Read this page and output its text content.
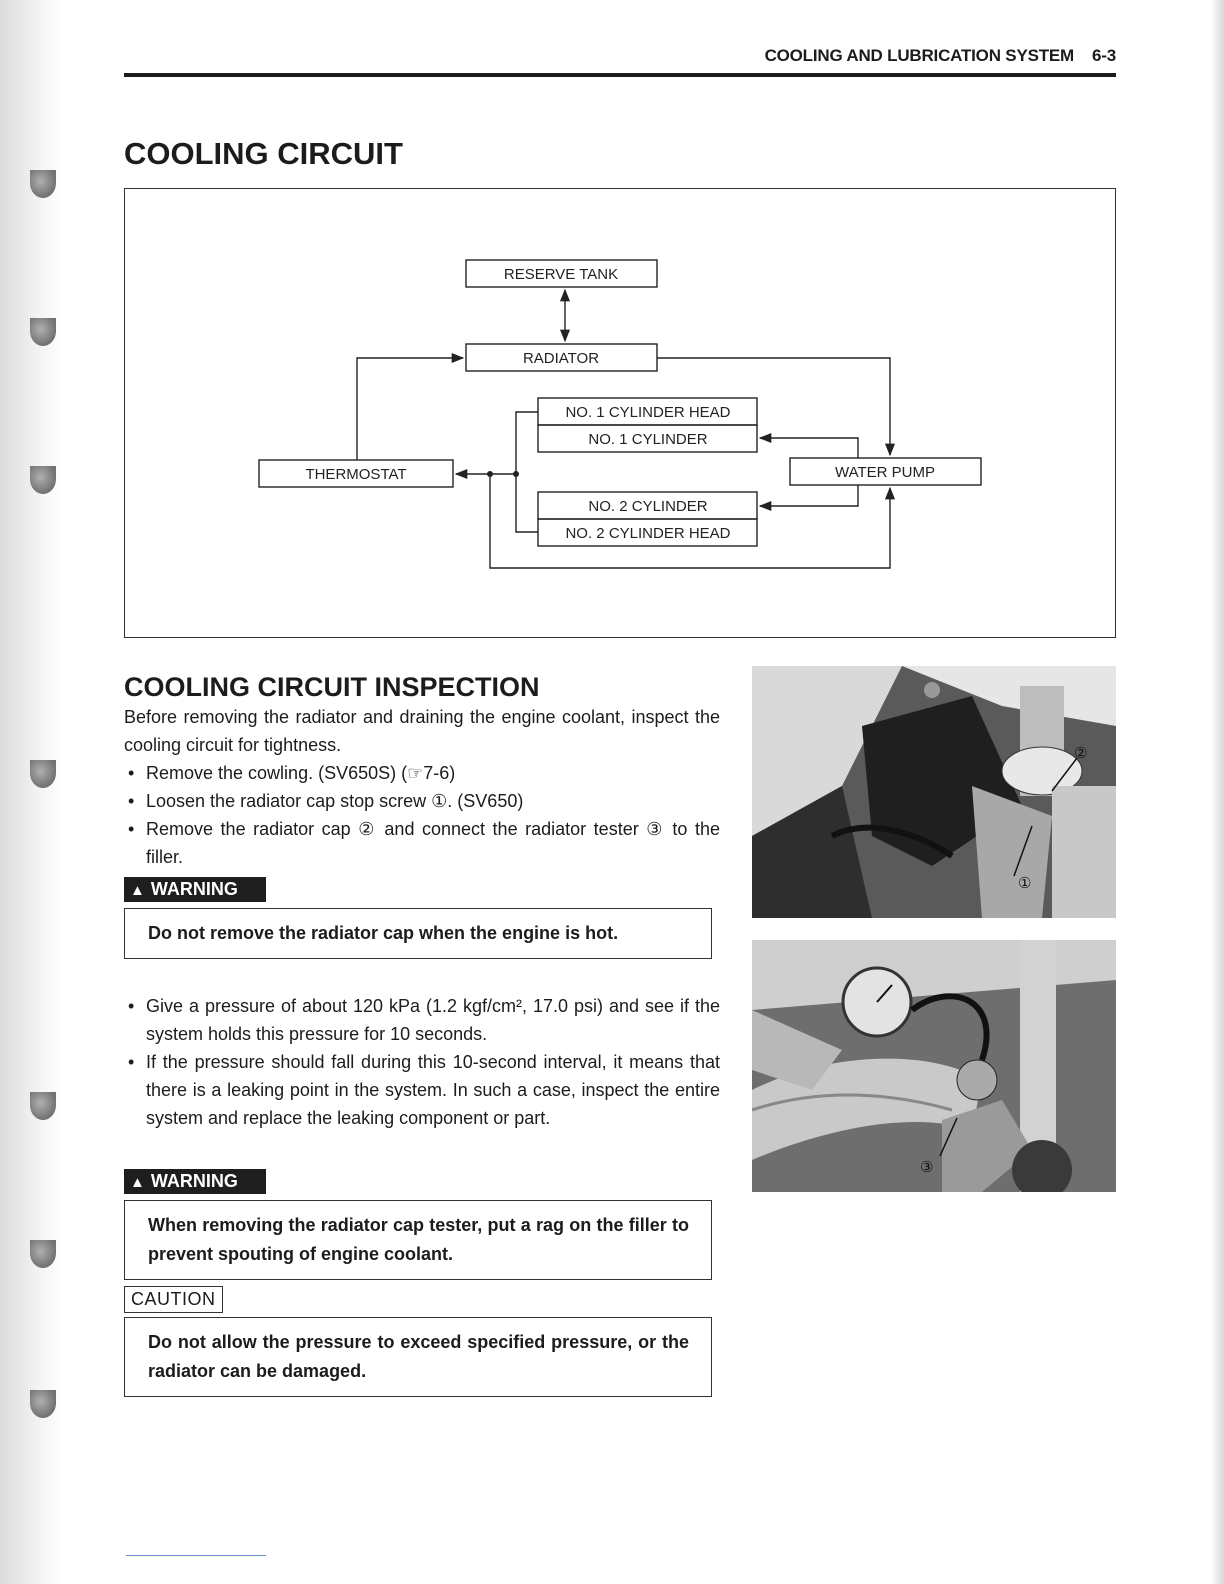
COOLING AND LUBRICATION SYSTEM 6-3
COOLING CIRCUIT
RESERVE TANK
RADIATOR
NO. 1 CYLINDER HEAD
NO. 1 CYLINDER
THERMOSTAT	WATER PUMP
NO. 2 CYLINDER
NO. 2 CYLINDER HEAD
COOLING CIRCUIT INSPECTION

Before removing the radiator and draining the engine coolant, inspect the cooling circuit for tightness.

• Remove the cowling. (SV650S) (☞7-6)
• Loosen the radiator cap stop screw ①. (SV650)
• Remove the radiator cap ② and connect the radiator tester ③ to the filler.
▲ WARNING
Do not remove the radiator cap when the engine is hot.
• Give a pressure of about 120 kPa (1.2 kgf/cm², 17.0 psi) and see if the system holds this pressure for 10 seconds.
• If the pressure should fall during this 10-second interval, it means that there is a leaking point in the system. In such a case, inspect the entire system and replace the leaking component or part.
▲ WARNING
When removing the radiator cap tester, put a rag on the filler to prevent spouting of engine coolant.
CAUTION
Do not allow the pressure to exceed specified pressure, or the radiator can be damaged.
②
①
③
